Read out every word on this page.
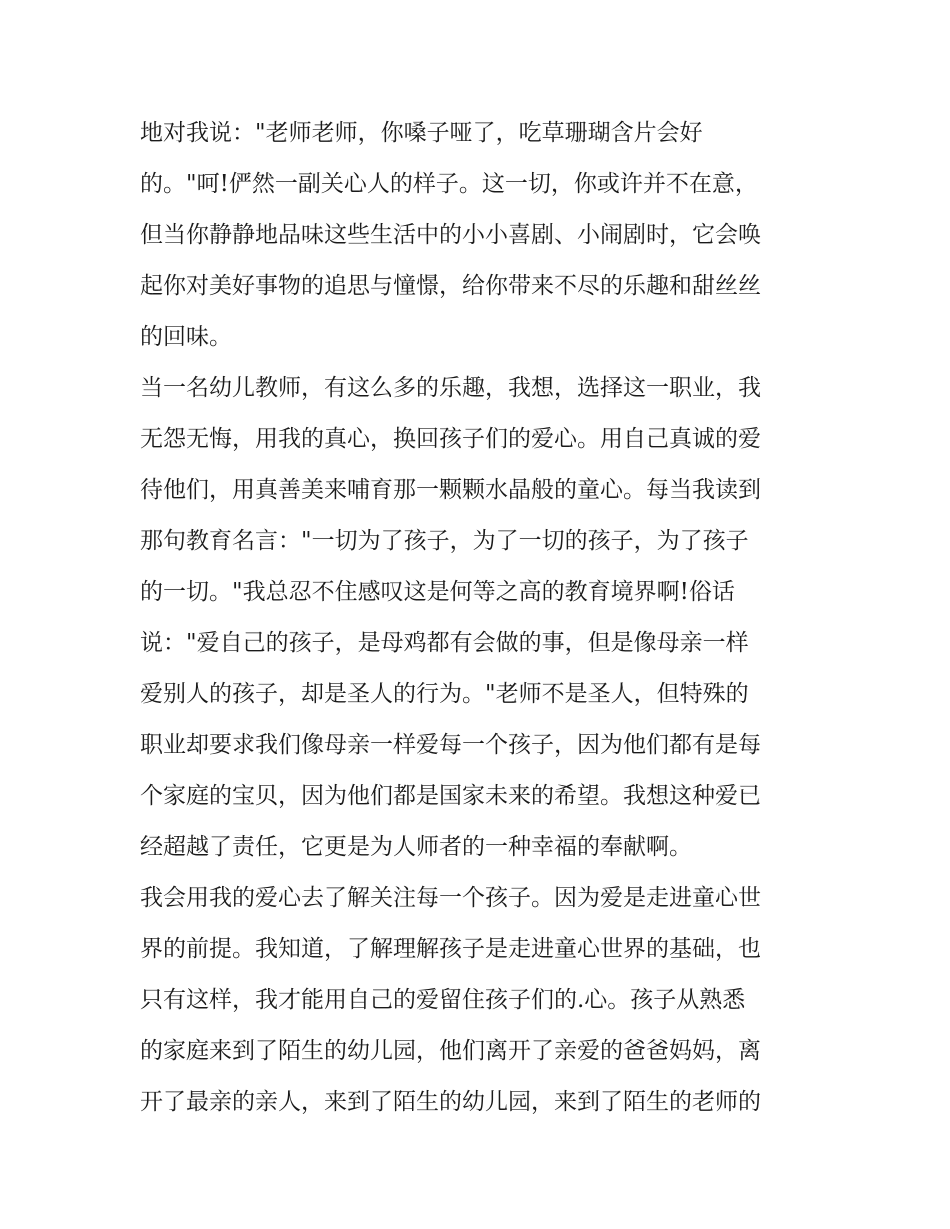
地对我说："老师老师，你嗓子哑了，吃草珊瑚含片会好
的。"呵!俨然一副关心人的样子。这一切，你或许并不在意，
但当你静静地品味这些生活中的小小喜剧、小闹剧时，它会唤
起你对美好事物的追思与憧憬，给你带来不尽的乐趣和甜丝丝
的回味。
当一名幼儿教师，有这么多的乐趣，我想，选择这一职业，我
无怨无悔，用我的真心，换回孩子们的爱心。用自己真诚的爱
待他们，用真善美来哺育那一颗颗水晶般的童心。每当我读到
那句教育名言："一切为了孩子，为了一切的孩子，为了孩子
的一切。"我总忍不住感叹这是何等之高的教育境界啊!俗话
说："爱自己的孩子，是母鸡都有会做的事，但是像母亲一样
爱别人的孩子，却是圣人的行为。"老师不是圣人，但特殊的
职业却要求我们像母亲一样爱每一个孩子，因为他们都有是每
个家庭的宝贝，因为他们都是国家未来的希望。我想这种爱已
经超越了责任，它更是为人师者的一种幸福的奉献啊。
我会用我的爱心去了解关注每一个孩子。因为爱是走进童心世
界的前提。我知道，了解理解孩子是走进童心世界的基础，也
只有这样，我才能用自己的爱留住孩子们的.心。孩子从熟悉
的家庭来到了陌生的幼儿园，他们离开了亲爱的爸爸妈妈，离
开了最亲的亲人，来到了陌生的幼儿园，来到了陌生的老师的
